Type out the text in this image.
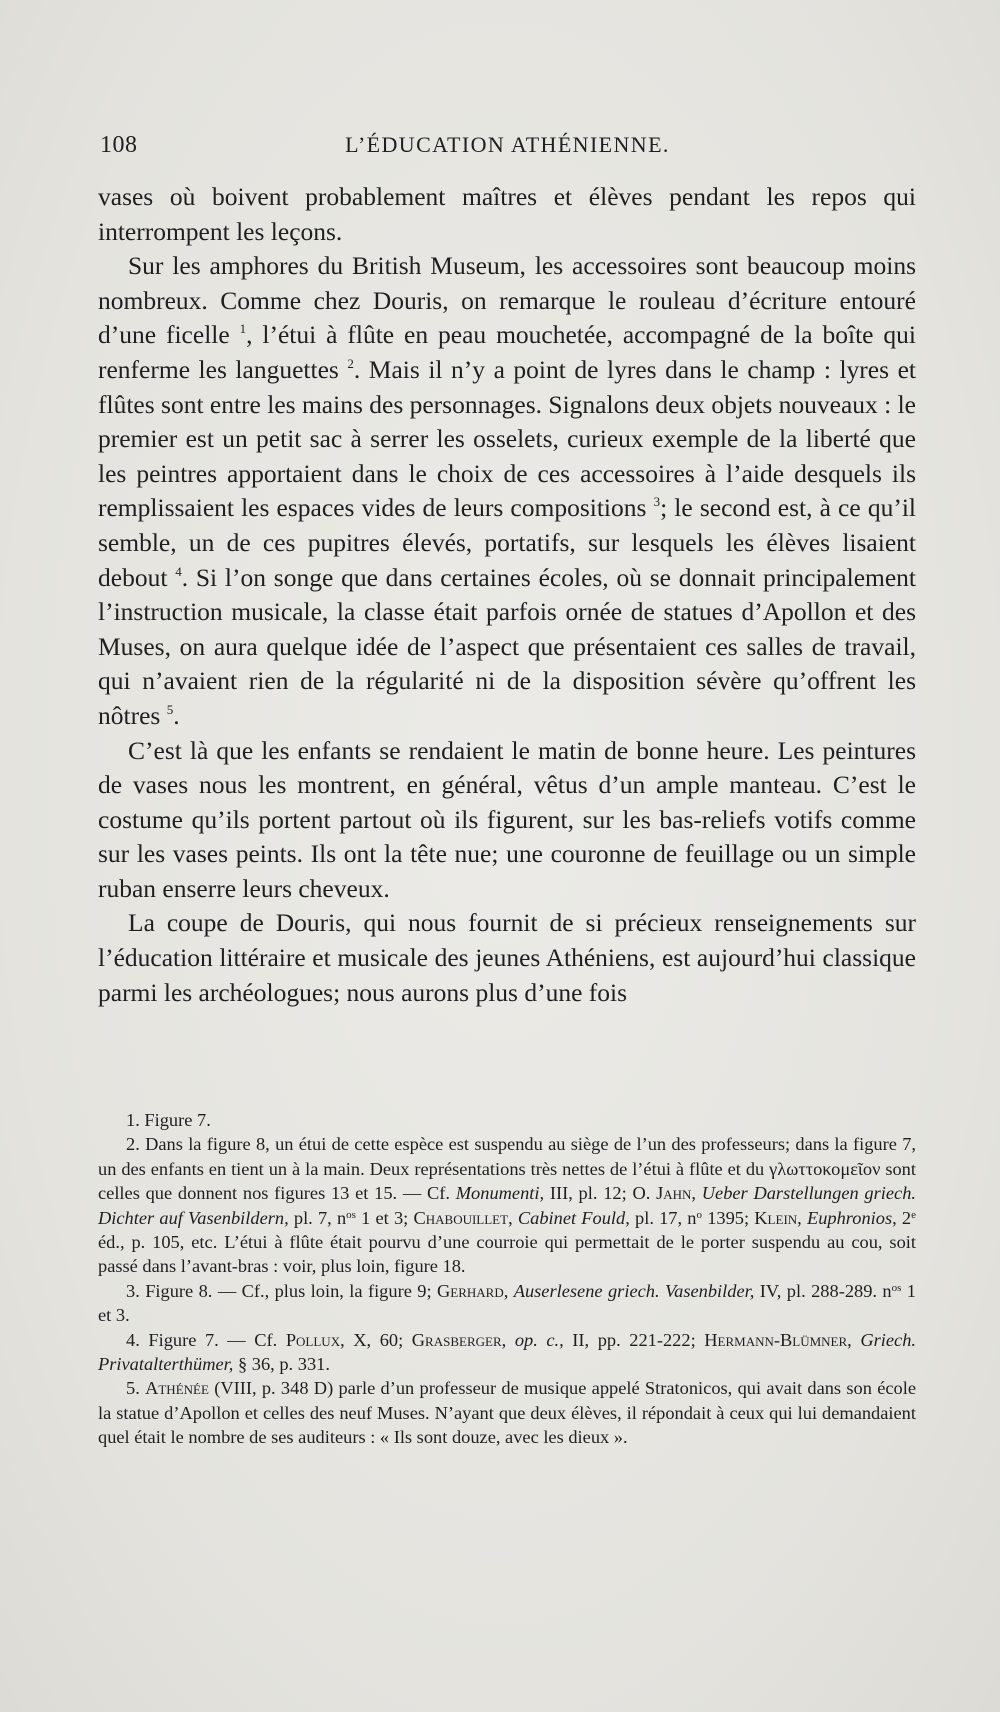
108	L’ÉDUCATION ATHÉNIENNE.

vases où boivent probablement maîtres et élèves pendant les repos qui interrompent les leçons.

Sur les amphores du British Museum, les accessoires sont beaucoup moins nombreux. Comme chez Douris, on remarque le rouleau d’écriture entouré d’une ficelle $^1$, l’étui à flûte en peau mouchetée, accompagné de la boîte qui renferme les languettes $^2$. Mais il n’y a point de lyres dans le champ : lyres et flûtes sont entre les mains des personnages. Signalons deux objets nouveaux : le premier est un petit sac à serrer les osselets, curieux exemple de la liberté que les peintres apportaient dans le choix de ces accessoires à l’aide desquels ils remplissaient les espaces vides de leurs compositions $^3$; le second est, à ce qu’il semble, un de ces pupitres élevés, portatifs, sur lesquels les élèves lisaient debout $^4$. Si l’on songe que dans certaines écoles, où se donnait principalement l’instruction musicale, la classe était parfois ornée de statues d’Apollon et des Muses, on aura quelque idée de l’aspect que présentaient ces salles de travail, qui n’avaient rien de la régularité ni de la disposition sévère qu’offrent les nôtres $^5$.

C’est là que les enfants se rendaient le matin de bonne heure. Les peintures de vases nous les montrent, en général, vêtus d’un ample manteau. C’est le costume qu’ils portent partout où ils figurent, sur les bas-reliefs votifs comme sur les vases peints. Ils ont la tête nue; une couronne de feuillage ou un simple ruban enserre leurs cheveux.

La coupe de Douris, qui nous fournit de si précieux renseignements sur l’éducation littéraire et musicale des jeunes Athéniens, est aujourd’hui classique parmi les archéologues; nous aurons plus d’une fois

1. Figure 7.

2. Dans la figure 8, un étui de cette espèce est suspendu au siège de l’un des professeurs; dans la figure 7, un des enfants en tient un à la main. Deux représentations très nettes de l’étui à flûte et du γλωττοκομεῖον sont celles que donnent nos figures 13 et 15. — Cf. Monumenti, III, pl. 12; O. Jahn, Ueber Darstellungen griech. Dichter auf Vasenbildern, pl. 7, $n^{os}$ 1 et 3; Chabouillet, Cabinet Fould, pl. 17, $n^o$ 1395; Klein, Euphronios, 2e éd., p. 105, etc. L’étui à flûte était pourvu d’une courroie qui permettait de le porter suspendu au cou, soit passé dans l’avant-bras : voir, plus loin, figure 18.

3. Figure 8. — Cf., plus loin, la figure 9; Gerhard, Auserlesene griech. Vasenbilder, IV, pl. 288-289. $n^{os}$ 1 et 3.

4. Figure 7. — Cf. Pollux, X, 60; Grasberger, op. c., II, pp. 221-222; Hermann-Blümner, Griech. Privatalterthümer, § 36, p. 331.

5. Athénée (VIII, p. 348 D) parle d’un professeur de musique appelé Stratonicos, qui avait dans son école la statue d’Apollon et celles des neuf Muses. N’ayant que deux élèves, il répondait à ceux qui lui demandaient quel était le nombre de ses auditeurs : « Ils sont douze, avec les dieux ».
